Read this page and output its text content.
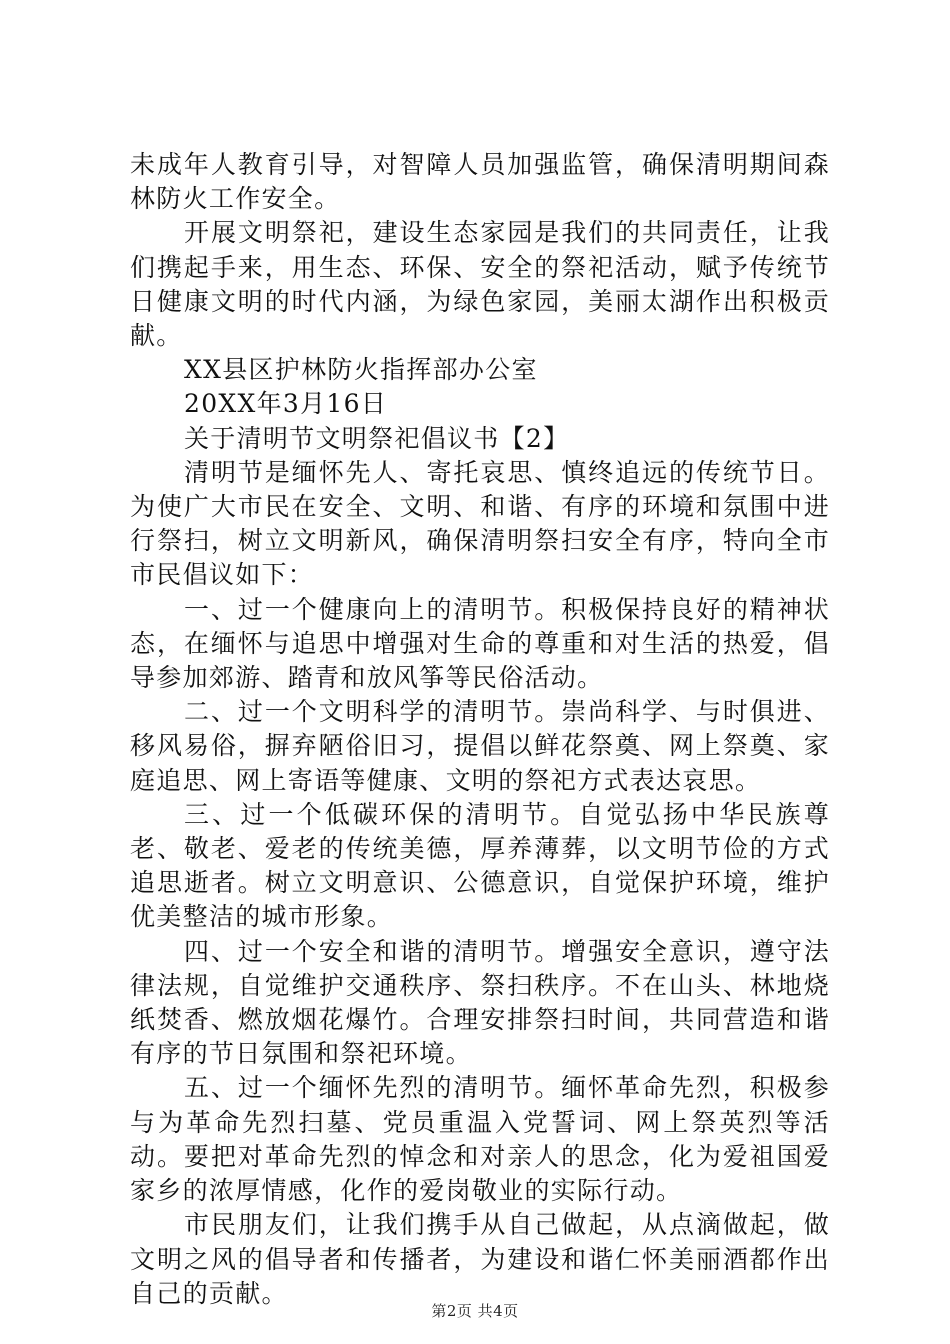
未成年人教育引导，对智障人员加强监管，确保清明期间森林防火工作安全。

开展文明祭祀，建设生态家园是我们的共同责任，让我们携起手来，用生态、环保、安全的祭祀活动，赋予传统节日健康文明的时代内涵，为绿色家园，美丽太湖作出积极贡献。

XX县区护林防火指挥部办公室

20XX年3月16日

关于清明节文明祭祀倡议书【2】

清明节是缅怀先人、寄托哀思、慎终追远的传统节日。为使广大市民在安全、文明、和谐、有序的环境和氛围中进行祭扫，树立文明新风，确保清明祭扫安全有序，特向全市市民倡议如下：

一、过一个健康向上的清明节。积极保持良好的精神状态，在缅怀与追思中增强对生命的尊重和对生活的热爱，倡导参加郊游、踏青和放风筝等民俗活动。

二、过一个文明科学的清明节。崇尚科学、与时俱进、移风易俗，摒弃陋俗旧习，提倡以鲜花祭奠、网上祭奠、家庭追思、网上寄语等健康、文明的祭祀方式表达哀思。

三、过一个低碳环保的清明节。自觉弘扬中华民族尊老、敬老、爱老的传统美德，厚养薄葬，以文明节俭的方式追思逝者。树立文明意识、公德意识，自觉保护环境，维护优美整洁的城市形象。

四、过一个安全和谐的清明节。增强安全意识，遵守法律法规，自觉维护交通秩序、祭扫秩序。不在山头、林地烧纸焚香、燃放烟花爆竹。合理安排祭扫时间，共同营造和谐有序的节日氛围和祭祀环境。

五、过一个缅怀先烈的清明节。缅怀革命先烈，积极参与为革命先烈扫墓、党员重温入党誓词、网上祭英烈等活动。要把对革命先烈的悼念和对亲人的思念，化为爱祖国爱家乡的浓厚情感，化作的爱岗敬业的实际行动。

市民朋友们，让我们携手从自己做起，从点滴做起，做文明之风的倡导者和传播者，为建设和谐仁怀美丽酒都作出自己的贡献。

第2页 共4页
